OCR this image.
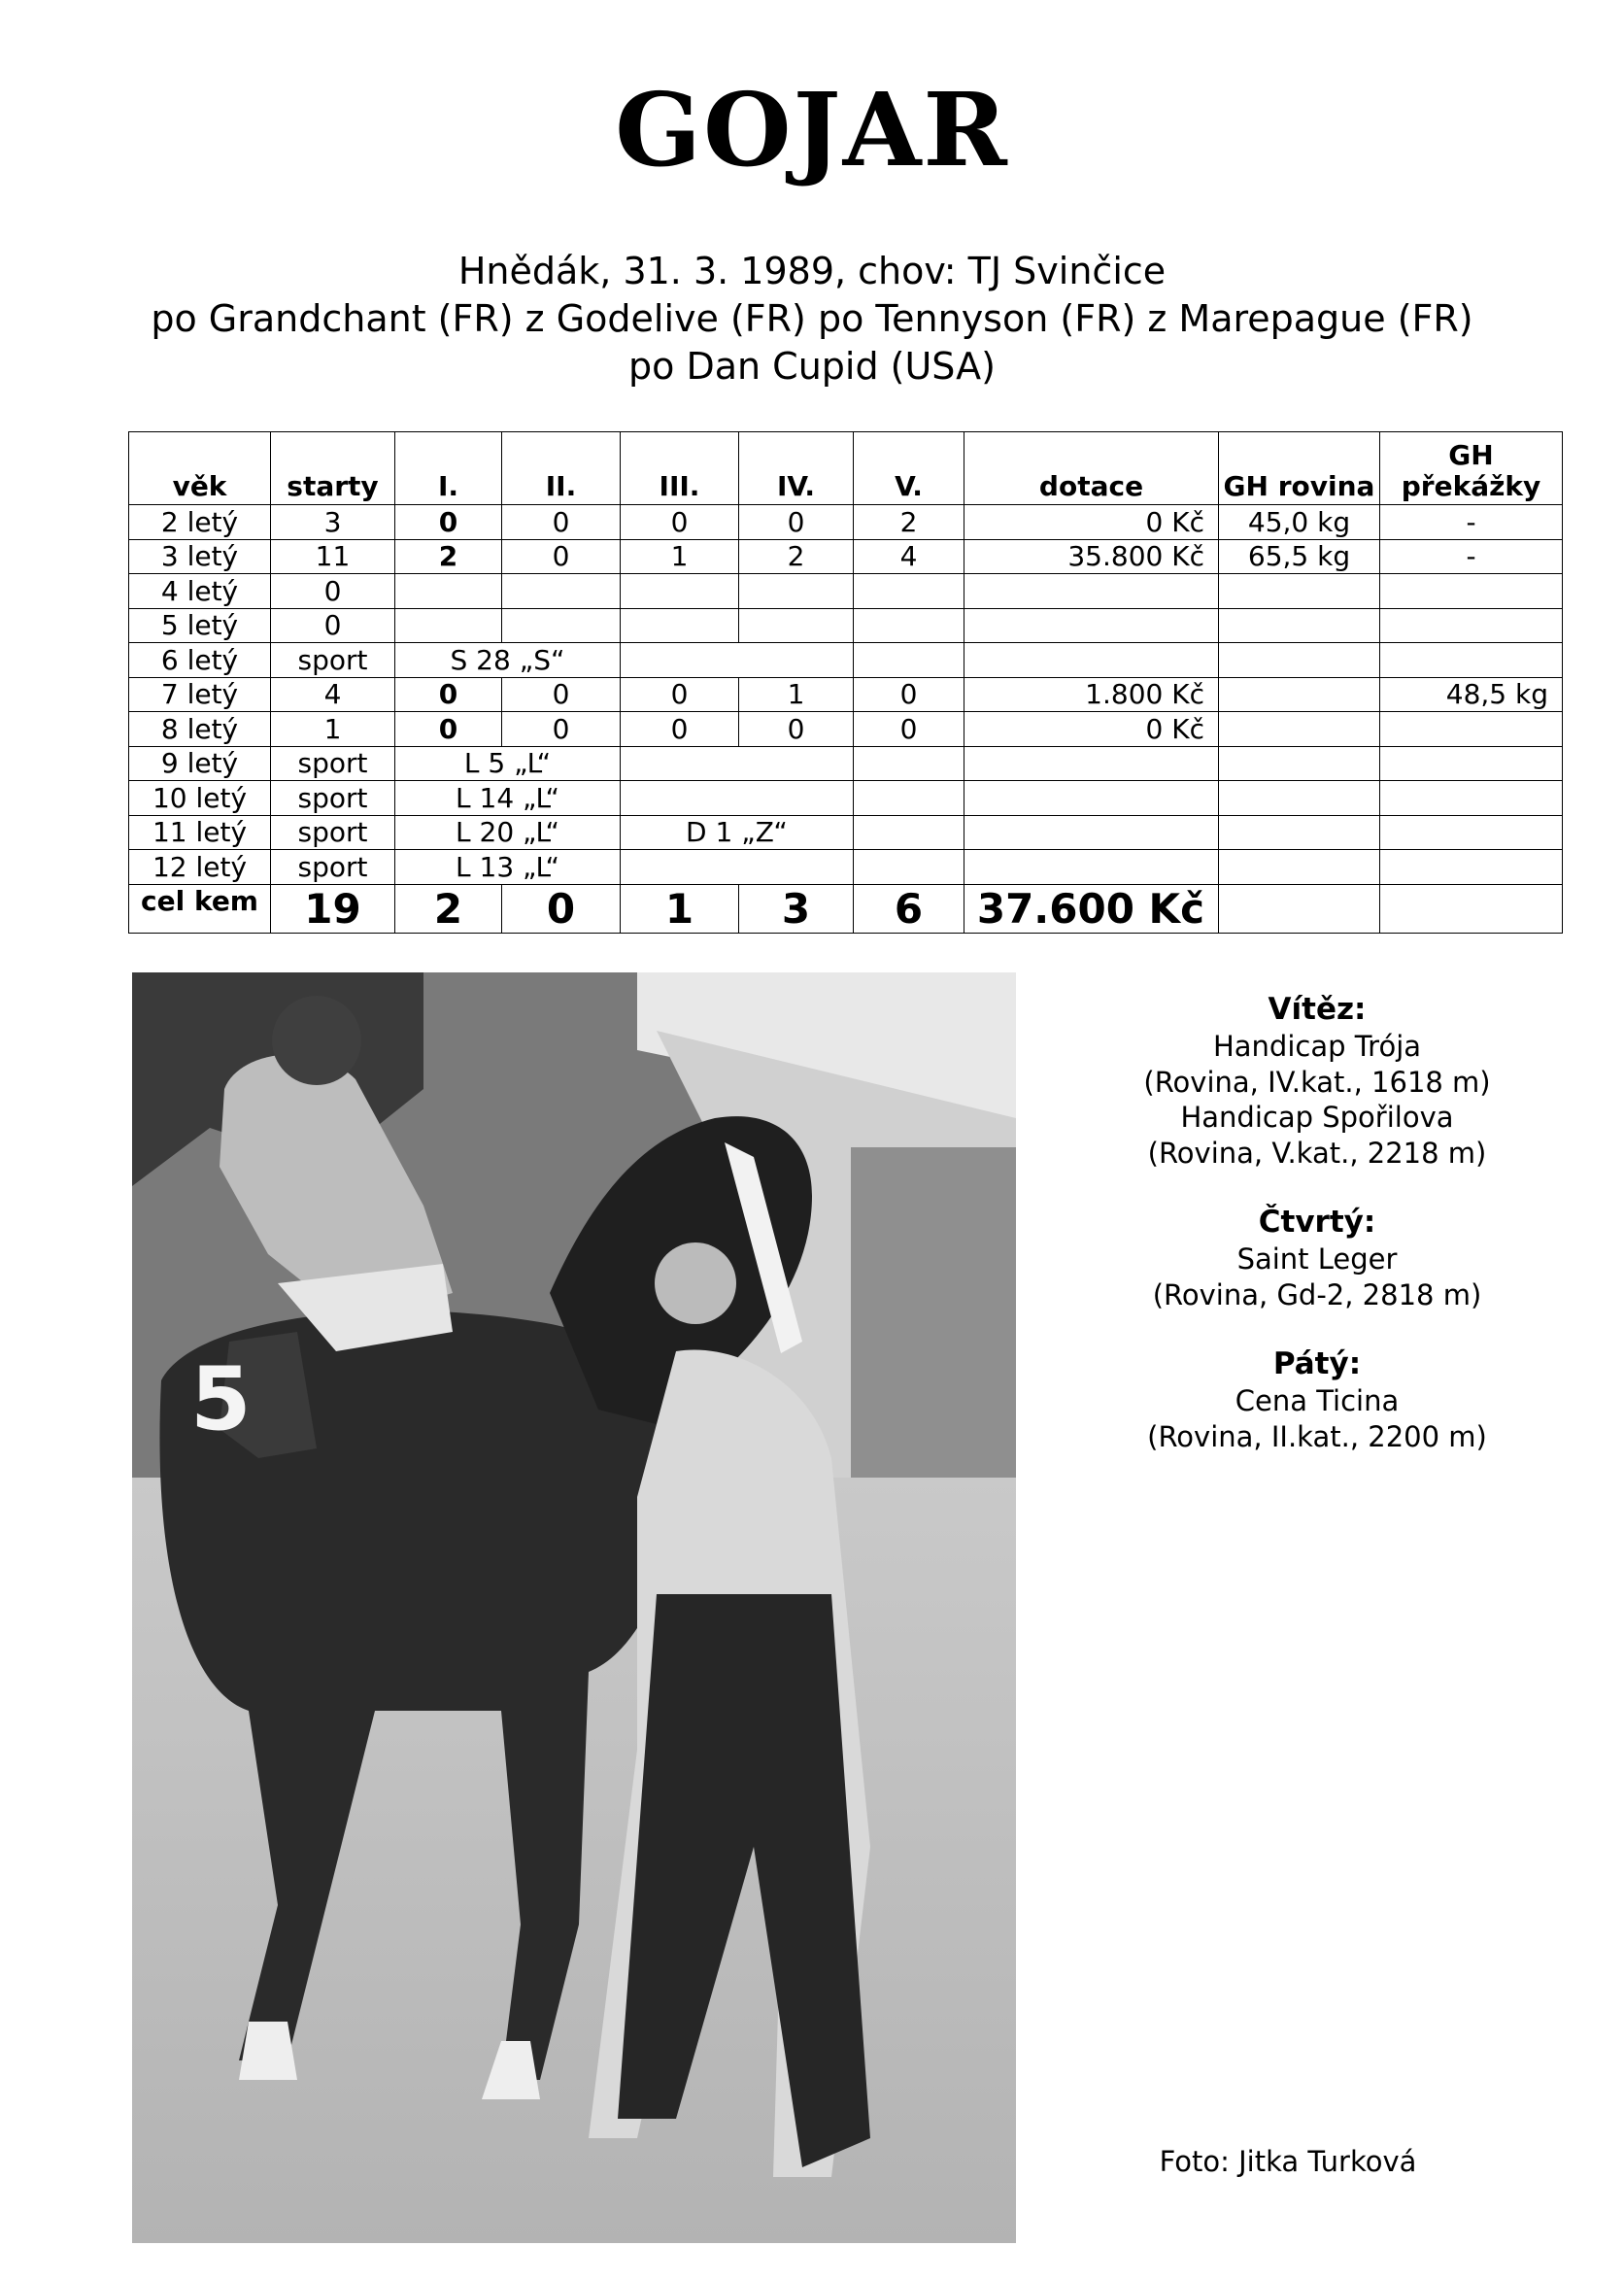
GOJAR
Hnědák, 31. 3. 1989, chov: TJ Svinčice
po Grandchant (FR) z Godelive (FR) po Tennyson (FR) z Marepague (FR)
po Dan Cupid (USA)
věk	starty	I.	II.	III.	IV.	V.	dotace	GH rovina	GH překážky
2 letý	3	0	0	0	0	2	0 Kč	45,0 kg	-
3 letý	11	2	0	1	2	4	35.800 Kč	65,5 kg	-
4 letý	0								
5 letý	0								
6 letý	sport	S 28 „S“							
7 letý	4	0	0	0	1	0	1.800 Kč		48,5 kg
8 letý	1	0	0	0	0	0	0 Kč		
9 letý	sport	L 5 „L“							
10 letý	sport	L 14 „L“							
11 letý	sport	L 20 „L“		D 1 „Z“					
12 letý	sport	L 13 „L“							
cel kem	19	2	0	1	3	6	37.600 Kč		
5
Vítěz:
Handicap Trója
(Rovina, IV.kat., 1618 m)
Handicap Spořilova
(Rovina, V.kat., 2218 m)
Čtvrtý:
Saint Leger
(Rovina, Gd-2, 2818 m)
Pátý:
Cena Ticina
(Rovina, II.kat., 2200 m)
Foto: Jitka Turková
